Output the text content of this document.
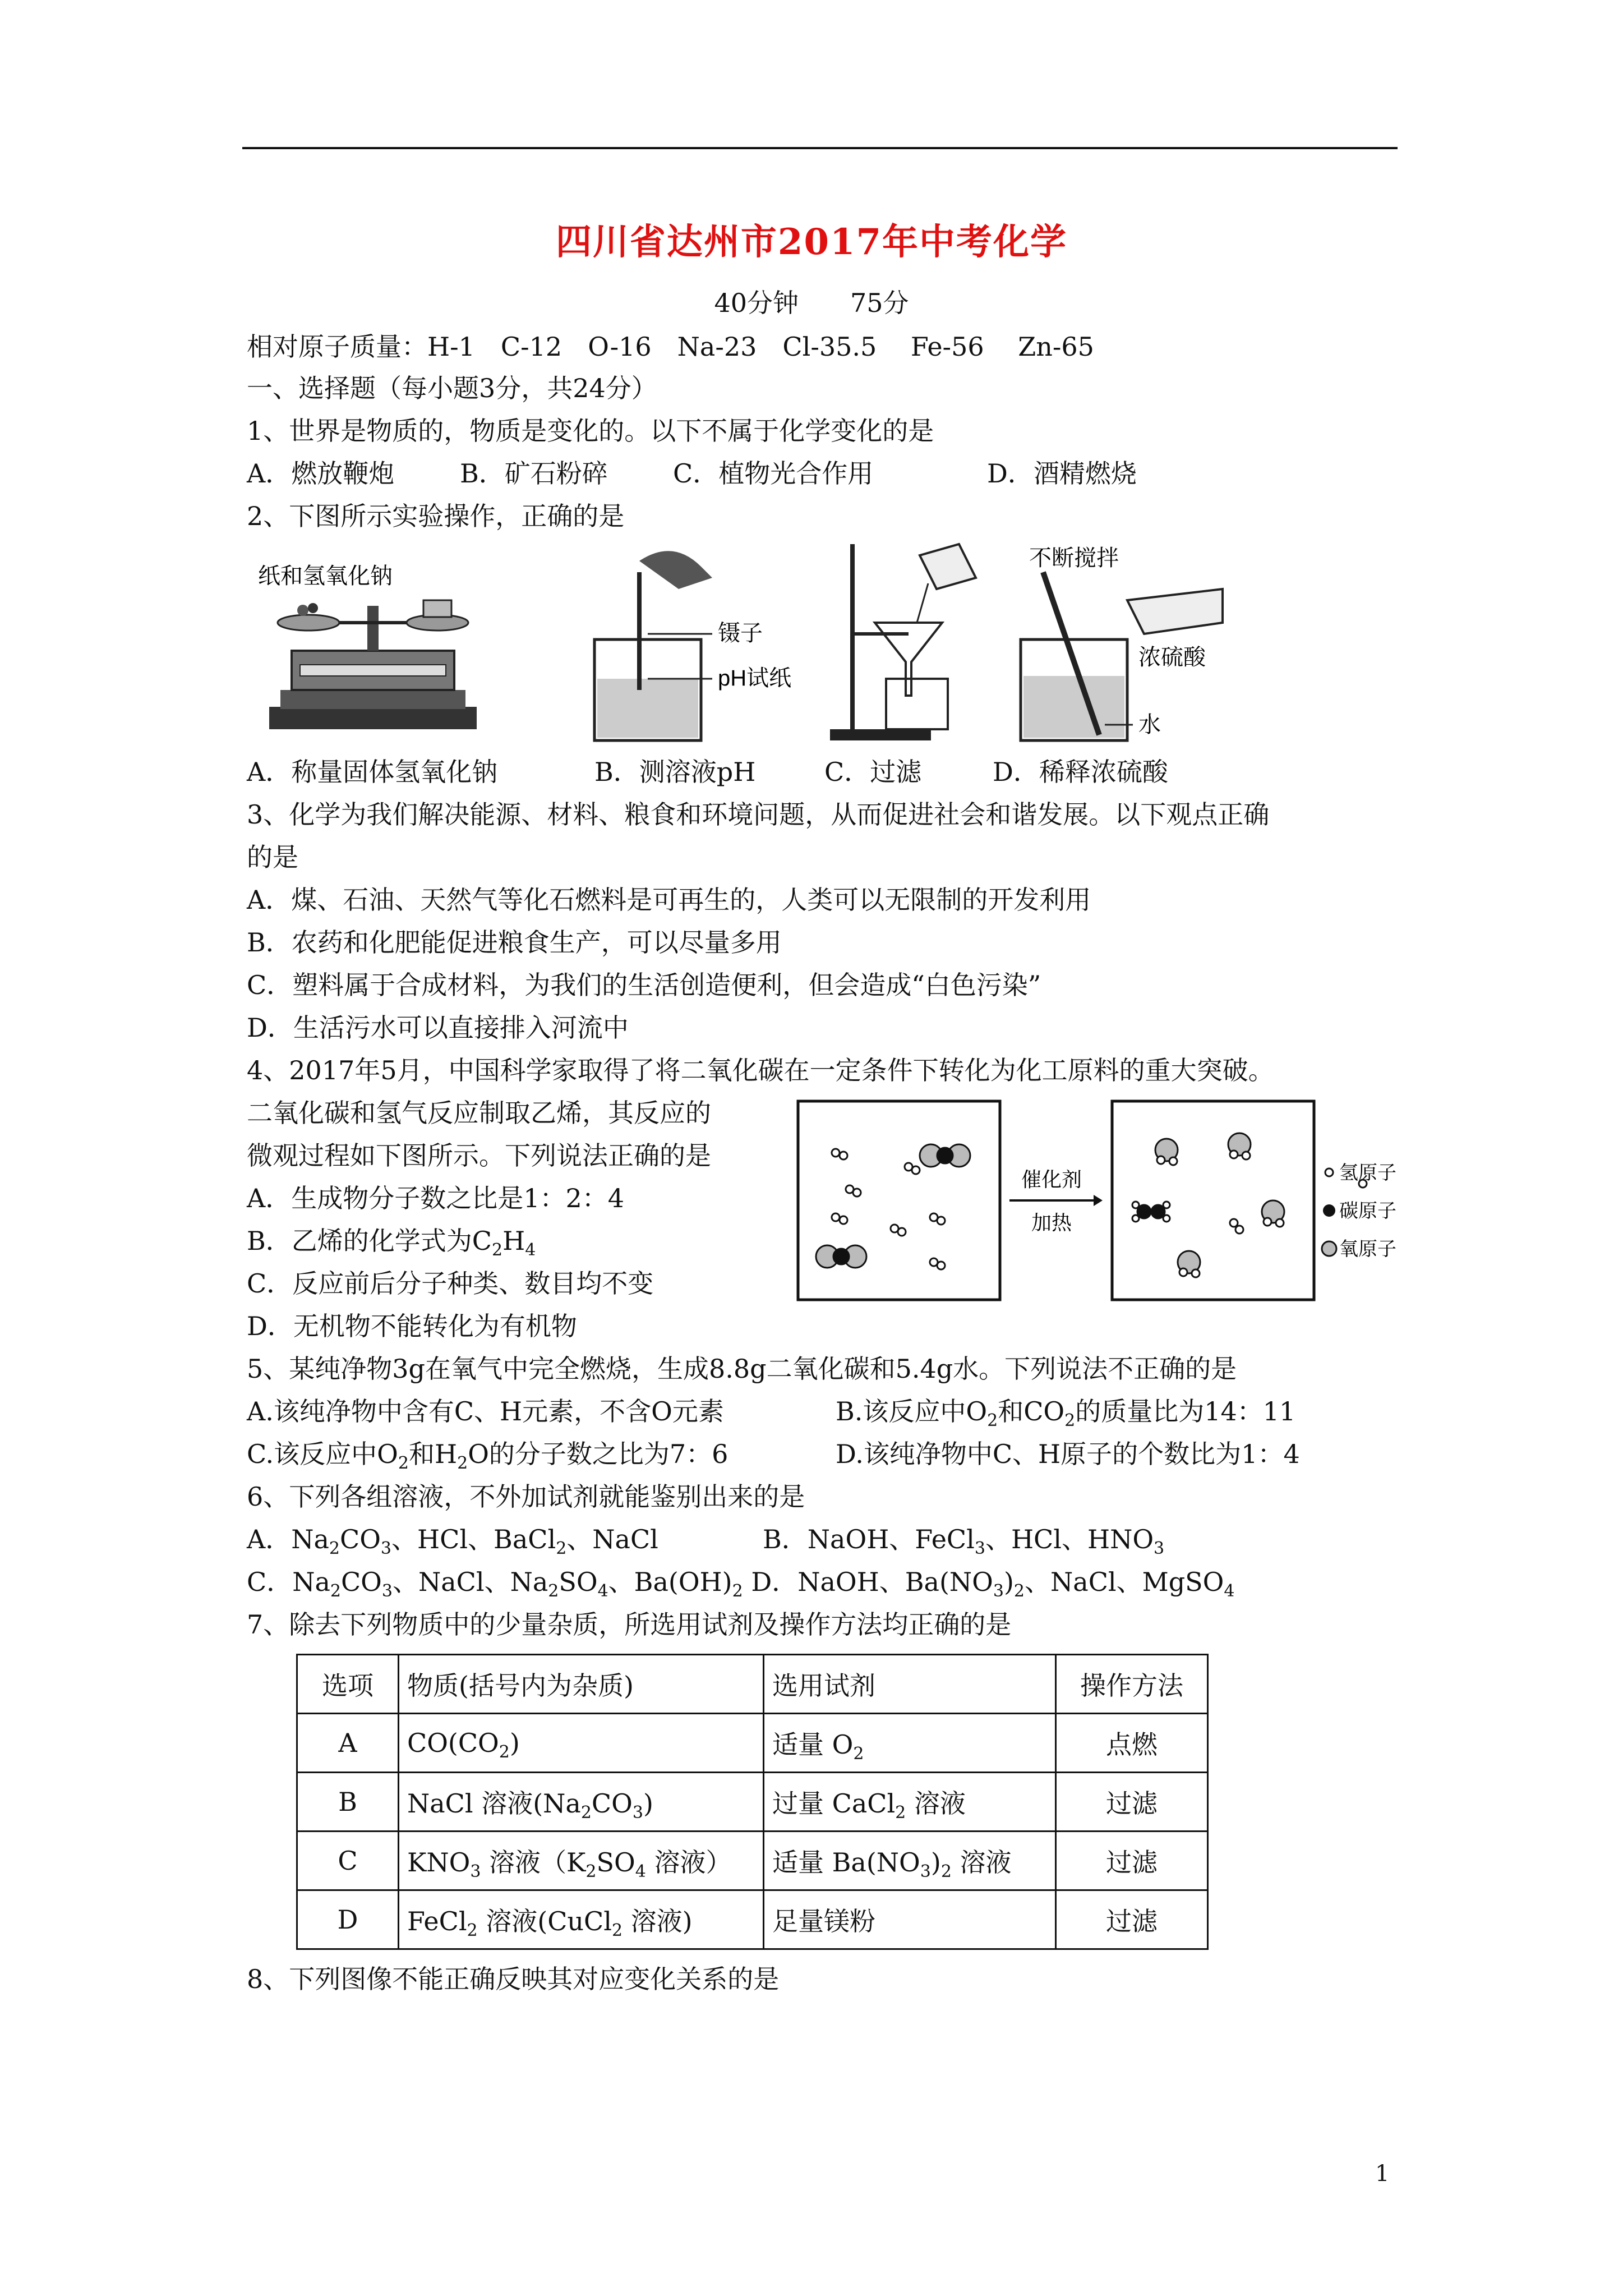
四川省达州市2017年中考化学
40分钟　　75分
相对原子质量：H-1　C-12　O-16　Na-23　Cl-35.5　 Fe-56　 Zn-65
一、选择题（每小题3分，共24分）
1、世界是物质的，物质是变化的。以下不属于化学变化的是
A．燃放鞭炮	B．矿石粉碎	C．植物光合作用	D．酒精燃烧
2、下图所示实验操作，正确的是
纸和氢氧化钠
镊子
pH试纸
不断搅拌
浓硫酸
水
A．称量固体氢氧化钠	B．测溶液pH	C．过滤	D．稀释浓硫酸
3、化学为我们解决能源、材料、粮食和环境问题，从而促进社会和谐发展。以下观点正确
的是
A．煤、石油、天然气等化石燃料是可再生的，人类可以无限制的开发利用
B．农药和化肥能促进粮食生产，可以尽量多用
C．塑料属于合成材料，为我们的生活创造便利，但会造成“白色污染”
D．生活污水可以直接排入河流中
4、2017年5月，中国科学家取得了将二氧化碳在一定条件下转化为化工原料的重大突破。
二氧化碳和氢气反应制取乙烯，其反应的
微观过程如下图所示。下列说法正确的是
A．生成物分子数之比是1：2：4
B．乙烯的化学式为$C_2H_4$
C．反应前后分子种类、数目均不变
D．无机物不能转化为有机物
催化剂
加热
氢原子
碳原子
氧原子
5、某纯净物3g在氧气中完全燃烧，生成8.8g二氧化碳和5.4g水。下列说法不正确的是
A.该纯净物中含有C、H元素，不含O元素	B.该反应中$O_2$和$CO_2$的质量比为14：11
C.该反应中$O_2$和$H_2O$的分子数之比为7：6	D.该纯净物中C、H原子的个数比为1：4
6、下列各组溶液，不外加试剂就能鉴别出来的是
A．$Na_2CO_3$、HCl、BaCl$_2$、NaCl	B．NaOH、FeCl$_3$、HCl、$HNO_3$
C．$Na_2CO_3$、NaCl、$Na_2SO_4$、$Ba(OH)_2$ D．NaOH、$Ba(NO_3)_2$、NaCl、MgSO$_4$
7、除去下列物质中的少量杂质，所选用试剂及操作方法均正确的是
选项	物质(括号内为杂质)	选用试剂	操作方法
A	$CO(CO_2)$	适量 $O_2$	点燃
B	NaCl 溶液$(Na_2CO_3)$	过量 CaCl$_2$ 溶液	过滤
C	$KNO_3$ 溶液（$K_2SO_4$ 溶液）	适量 $Ba(NO_3)_2$ 溶液	过滤
D	FeCl$_2$ 溶液(CuCl$_2$ 溶液)	足量镁粉	过滤
8、下列图像不能正确反映其对应变化关系的是
1
